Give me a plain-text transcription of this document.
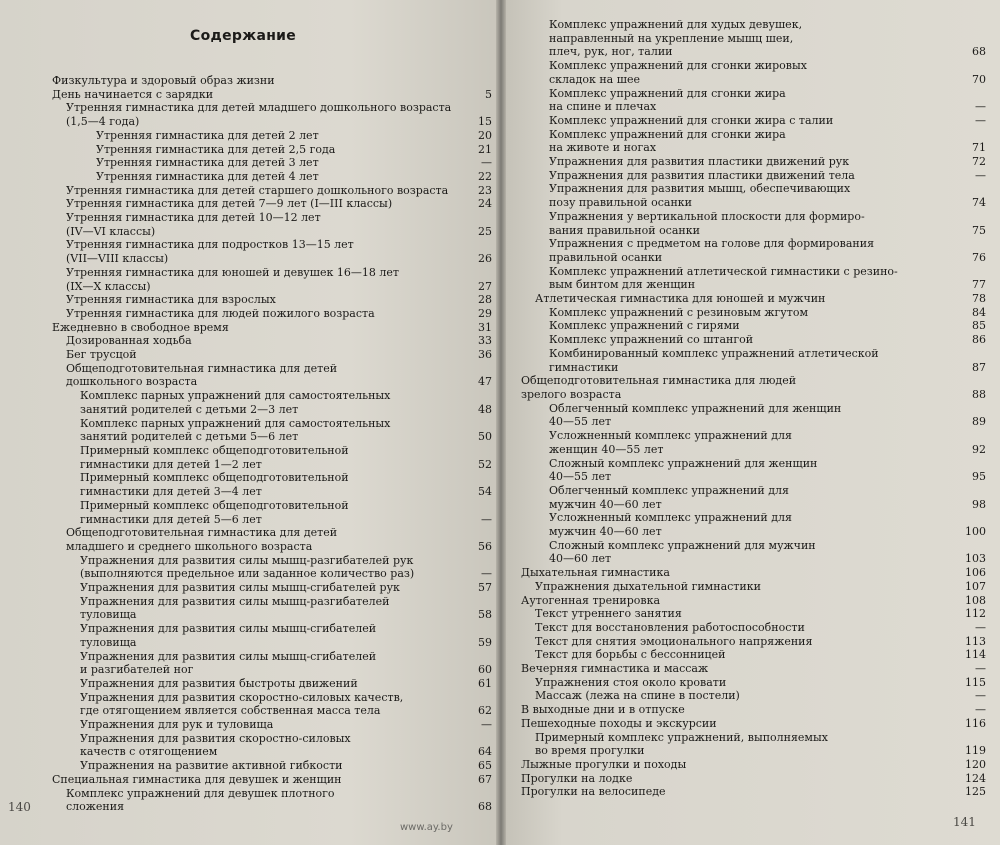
Содержание
Физкультура и здоровый образ жизни
День начинается с зарядки	5
Утренняя гимнастика для детей младшего дошкольного возраста (1,5—4 года)	15
Утренняя гимнастика для детей 2 лет	20
Утренняя гимнастика для детей 2,5 года	21
Утренняя гимнастика для детей 3 лет	—
Утренняя гимнастика для детей 4 лет	22
Утренняя гимнастика для детей старшего дошкольного возраста	23
Утренняя гимнастика для детей 7—9 лет (I—III классы)	24
Утренняя гимнастика для детей 10—12 лет
(IV—VI классы)	25
Утренняя гимнастика для подростков 13—15 лет
(VII—VIII классы)	26
Утренняя гимнастика для юношей и девушек 16—18 лет
(IX—X классы)	27
Утренняя гимнастика для взрослых	28
Утренняя гимнастика для людей пожилого возраста	29
Ежедневно в свободное время	31
Дозированная ходьба	33
Бег трусцой	36
Общеподготовительная гимнастика для детей
дошкольного возраста	47
Комплекс парных упражнений для самостоятельных
занятий родителей с детьми 2—3 лет	48
Комплекс парных упражнений для самостоятельных
занятий родителей с детьми 5—6 лет	50
Примерный комплекс общеподготовительной
гимнастики для детей 1—2 лет	52
Примерный комплекс общеподготовительной
гимнастики для детей 3—4 лет	54
Примерный комплекс общеподготовительной
гимнастики для детей 5—6 лет	—
Общеподготовительная гимнастика для детей
младшего и среднего школьного возраста	56
Упражнения для развития силы мышц-разгибателей рук
(выполняются предельное или заданное количество раз)	—
Упражнения для развития силы мышц-сгибателей рук	57
Упражнения для развития силы мышц-разгибателей
туловища	58
Упражнения для развития силы мышц-сгибателей
туловища	59
Упражнения для развития силы мышц-сгибателей
и разгибателей ног	60
Упражнения для развития быстроты движений	61
Упражнения для развития скоростно-силовых качеств,
где отягощением является собственная масса тела	62
Упражнения для рук и туловища	—
Упражнения для развития скоростно-силовых
качеств с отягощением	64
Упражнения на развитие активной гибкости	65
Специальная гимнастика для девушек и женщин	67
Комплекс упражнений для девушек плотного
сложения	68
140
Комплекс упражнений для худых девушек,
направленный на укрепление мышц шеи,
плеч, рук, ног, талии	68
Комплекс упражнений для сгонки жировых
складок на шее	70
Комплекс упражнений для сгонки жира
на спине и плечах	—
Комплекс упражнений для сгонки жира с талии	—
Комплекс упражнений для сгонки жира
на животе и ногах	71
Упражнения для развития пластики движений рук	72
Упражнения для развития пластики движений тела	—
Упражнения для развития мышц, обеспечивающих
позу правильной осанки	74
Упражнения у вертикальной плоскости для формиро-
вания правильной осанки	75
Упражнения с предметом на голове для формирования
правильной осанки	76
Комплекс упражнений атлетической гимнастики с резино-
вым бинтом для женщин	77
Атлетическая гимнастика для юношей и мужчин	78
Комплекс упражнений с резиновым жгутом	84
Комплекс упражнений с гирями	85
Комплекс упражнений со штангой	86
Комбинированный комплекс упражнений атлетической
гимнастики	87
Общеподготовительная гимнастика для людей
зрелого возраста	88
Облегченный комплекс упражнений для женщин
40—55 лет	89
Усложненный комплекс упражнений для
женщин 40—55 лет	92
Сложный комплекс упражнений для женщин
40—55 лет	95
Облегченный комплекс упражнений для
мужчин 40—60 лет	98
Усложненный комплекс упражнений для
мужчин 40—60 лет	100
Сложный комплекс упражнений для мужчин
40—60 лет	103
Дыхательная гимнастика	106
Упражнения дыхательной гимнастики	107
Аутогенная тренировка	108
Текст утреннего занятия	112
Текст для восстановления работоспособности	—
Текст для снятия эмоционального напряжения	113
Текст для борьбы с бессонницей	114
Вечерняя гимнастика и массаж	—
Упражнения стоя около кровати	115
Массаж (лежа на спине в постели)	—
В выходные дни и в отпуске	—
Пешеходные походы и экскурсии	116
Примерный комплекс упражнений, выполняемых
во время прогулки	119
Лыжные прогулки и походы	120
Прогулки на лодке	124
Прогулки на велосипеде	125
141
www.ay.by
